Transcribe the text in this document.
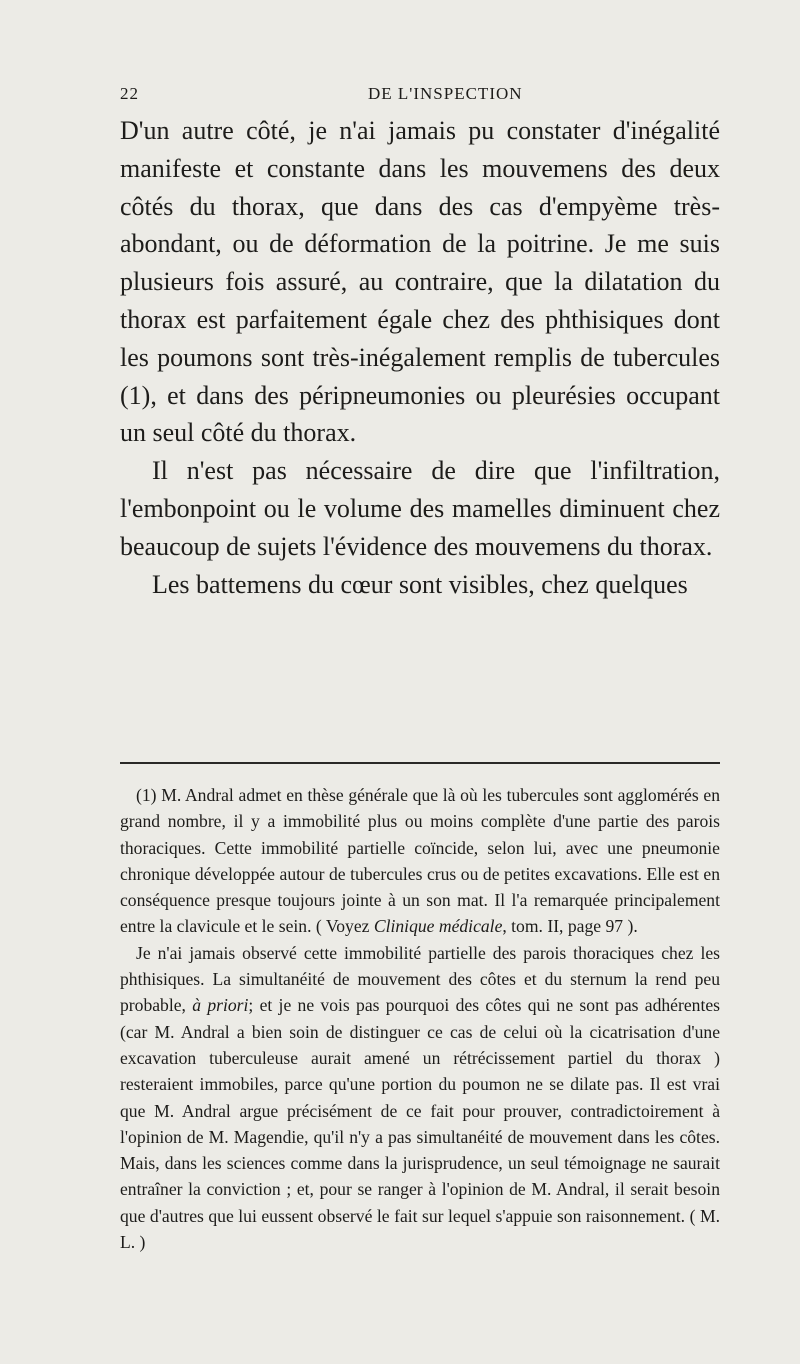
22	DE L'INSPECTION

D'un autre côté, je n'ai jamais pu constater d'inégalité manifeste et constante dans les mouvemens des deux côtés du thorax, que dans des cas d'empyème très-abondant, ou de déformation de la poitrine. Je me suis plusieurs fois assuré, au contraire, que la dilatation du thorax est parfaitement égale chez des phthisiques dont les poumons sont très-inégalement remplis de tubercules (1), et dans des péripneumonies ou pleurésies occupant un seul côté du thorax.

Il n'est pas nécessaire de dire que l'infiltration, l'embonpoint ou le volume des mamelles diminuent chez beaucoup de sujets l'évidence des mouvemens du thorax.

Les battemens du cœur sont visibles, chez quelques

(1) M. Andral admet en thèse générale que là où les tubercules sont agglomérés en grand nombre, il y a immobilité plus ou moins complète d'une partie des parois thoraciques. Cette immobilité partielle coïncide, selon lui, avec une pneumonie chronique développée autour de tubercules crus ou de petites excavations. Elle est en conséquence presque toujours jointe à un son mat. Il l'a remarquée principalement entre la clavicule et le sein. ( Voyez Clinique médicale, tom. II, page 97 ).

Je n'ai jamais observé cette immobilité partielle des parois thoraciques chez les phthisiques. La simultanéité de mouvement des côtes et du sternum la rend peu probable, à priori; et je ne vois pas pourquoi des côtes qui ne sont pas adhérentes (car M. Andral a bien soin de distinguer ce cas de celui où la cicatrisation d'une excavation tuberculeuse aurait amené un rétrécissement partiel du thorax ) resteraient immobiles, parce qu'une portion du poumon ne se dilate pas. Il est vrai que M. Andral argue précisément de ce fait pour prouver, contradictoirement à l'opinion de M. Magendie, qu'il n'y a pas simultanéité de mouvement dans les côtes. Mais, dans les sciences comme dans la jurisprudence, un seul témoignage ne saurait entraîner la conviction ; et, pour se ranger à l'opinion de M. Andral, il serait besoin que d'autres que lui eussent observé le fait sur lequel s'appuie son raisonnement. ( M. L. )
